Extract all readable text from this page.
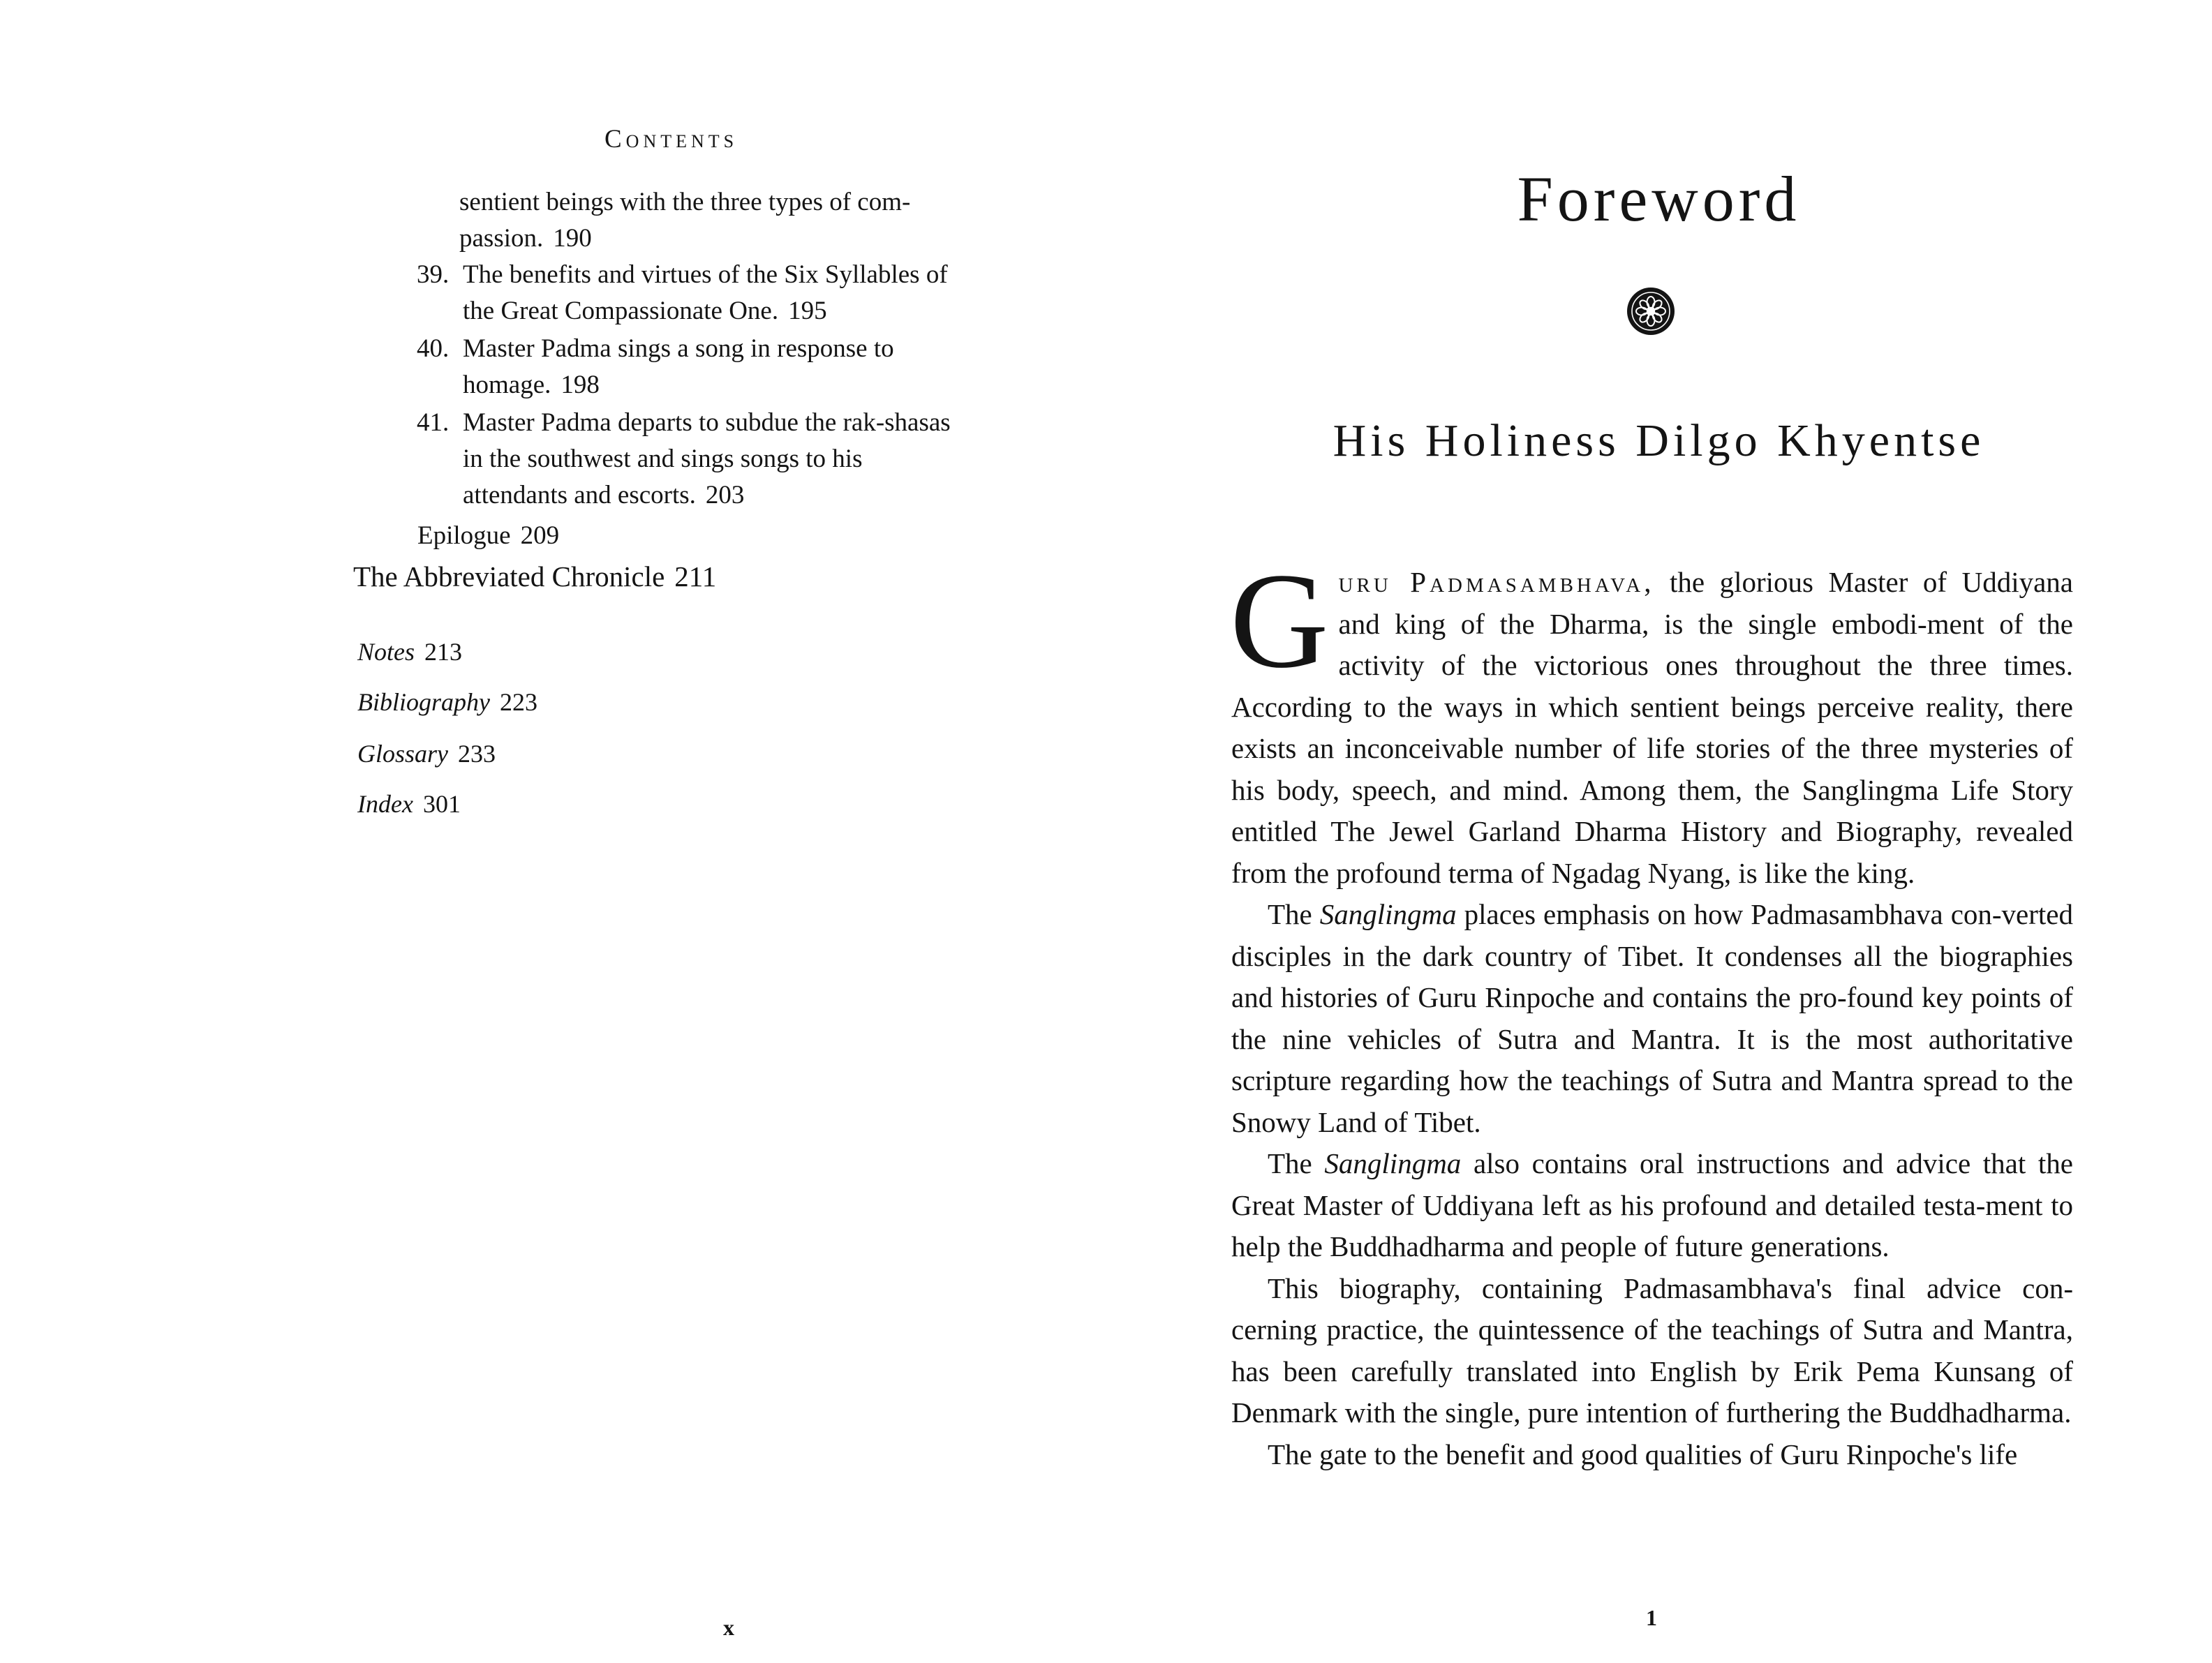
Contents
sentient beings with the three types of com-passion. 190
39. The benefits and virtues of the Six Syllables of the Great Compassionate One. 195
40. Master Padma sings a song in response to homage. 198
41. Master Padma departs to subdue the rak-shasas in the southwest and sings songs to his attendants and escorts. 203
Epilogue 209
The Abbreviated Chronicle 211
Notes 213
Bibliography 223
Glossary 233
Index 301
x
Foreword
His Holiness Dilgo Khyentse

Guru Padmasambhava, the glorious Master of Uddiyana and king of the Dharma, is the single embodi-ment of the activity of the victorious ones throughout the three times. According to the ways in which sentient beings perceive reality, there exists an inconceivable number of life stories of the three mysteries of his body, speech, and mind. Among them, the Sanglingma Life Story entitled The Jewel Garland Dharma History and Biography, revealed from the profound terma of Ngadag Nyang, is like the king.

The Sanglingma places emphasis on how Padmasambhava con-verted disciples in the dark country of Tibet. It condenses all the biographies and histories of Guru Rinpoche and contains the pro-found key points of the nine vehicles of Sutra and Mantra. It is the most authoritative scripture regarding how the teachings of Sutra and Mantra spread to the Snowy Land of Tibet.

The Sanglingma also contains oral instructions and advice that the Great Master of Uddiyana left as his profound and detailed testa-ment to help the Buddhadharma and people of future generations.

This biography, containing Padmasambhava's final advice con-cerning practice, the quintessence of the teachings of Sutra and Mantra, has been carefully translated into English by Erik Pema Kunsang of Denmark with the single, pure intention of furthering the Buddhadharma.

The gate to the benefit and good qualities of Guru Rinpoche's life

1
